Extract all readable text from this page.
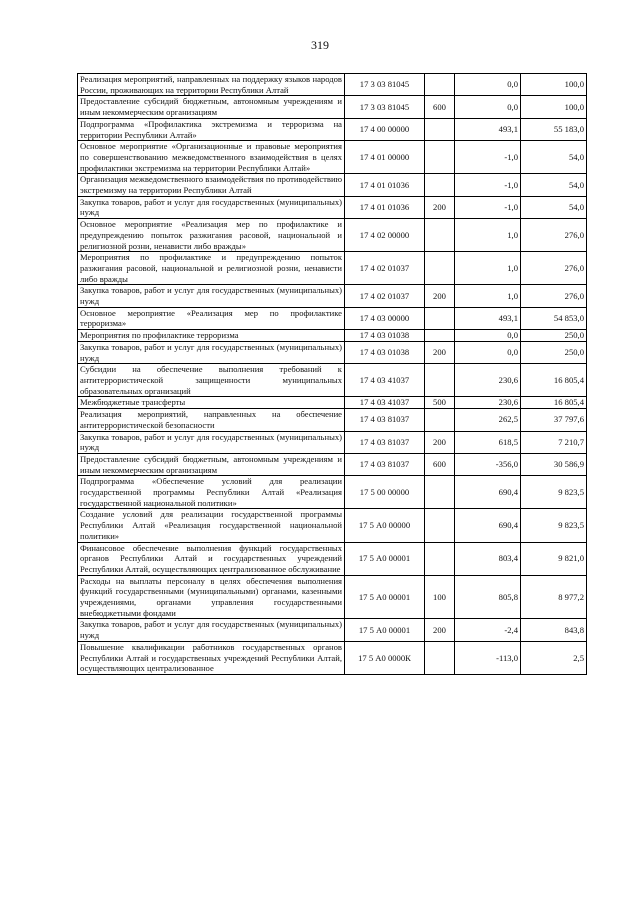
319
Реализация мероприятий, направленных на поддержку языков народов России, проживающих на территории Республики Алтай	17 3 03 81045		0,0	100,0
Предоставление субсидий бюджетным, автономным учреждениям и иным некоммерческим организациям	17 3 03 81045	600	0,0	100,0
Подпрограмма «Профилактика экстремизма и терроризма на территории Республики Алтай»	17 4 00 00000		493,1	55 183,0
Основное мероприятие «Организационные и правовые мероприятия по совершенствованию межведомственного взаимодействия в целях профилактики экстремизма на территории Республики Алтай»	17 4 01 00000		-1,0	54,0
Организация межведомственного взаимодействия по противодействию экстремизму на территории Республики Алтай	17 4 01 01036		-1,0	54,0
Закупка товаров, работ и услуг для государственных (муниципальных) нужд	17 4 01 01036	200	-1,0	54,0
Основное мероприятие «Реализация мер по профилактике и предупреждению попыток разжигания расовой, национальной и религиозной розни, ненависти либо вражды»	17 4 02 00000		1,0	276,0
Мероприятия по профилактике и предупреждению попыток разжигания расовой, национальной и религиозной розни, ненависти либо вражды	17 4 02 01037		1,0	276,0
Закупка товаров, работ и услуг для государственных (муниципальных) нужд	17 4 02 01037	200	1,0	276,0
Основное мероприятие «Реализация мер по профилактике терроризма»	17 4 03 00000		493,1	54 853,0
Мероприятия по профилактике терроризма	17 4 03 01038		0,0	250,0
Закупка товаров, работ и услуг для государственных (муниципальных) нужд	17 4 03 01038	200	0,0	250,0
Субсидии на обеспечение выполнения требований к антитеррористической защищенности муниципальных образовательных организаций	17 4 03 41037		230,6	16 805,4
Межбюджетные трансферты	17 4 03 41037	500	230,6	16 805,4
Реализация мероприятий, направленных на обеспечение антитеррористической безопасности	17 4 03 81037		262,5	37 797,6
Закупка товаров, работ и услуг для государственных (муниципальных) нужд	17 4 03 81037	200	618,5	7 210,7
Предоставление субсидий бюджетным, автономным учреждениям и иным некоммерческим организациям	17 4 03 81037	600	-356,0	30 586,9
Подпрограмма «Обеспечение условий для реализации государственной программы Республики Алтай «Реализация государственной национальной политики»	17 5 00 00000		690,4	9 823,5
Создание условий для реализации государственной программы Республики Алтай «Реализация государственной национальной политики»	17 5 А0 00000		690,4	9 823,5
Финансовое обеспечение выполнения функций государственных органов Республики Алтай и государственных учреждений Республики Алтай, осуществляющих централизованное обслуживание	17 5 А0 00001		803,4	9 821,0
Расходы на выплаты персоналу в целях обеспечения выполнения функций государственными (муниципальными) органами, казенными учреждениями, органами управления государственными внебюджетными фондами	17 5 А0 00001	100	805,8	8 977,2
Закупка товаров, работ и услуг для государственных (муниципальных) нужд	17 5 А0 00001	200	-2,4	843,8
Повышение квалификации работников государственных органов Республики Алтай и государственных учреждений Республики Алтай, осуществляющих централизованное	17 5 А0 0000К		-113,0	2,5
